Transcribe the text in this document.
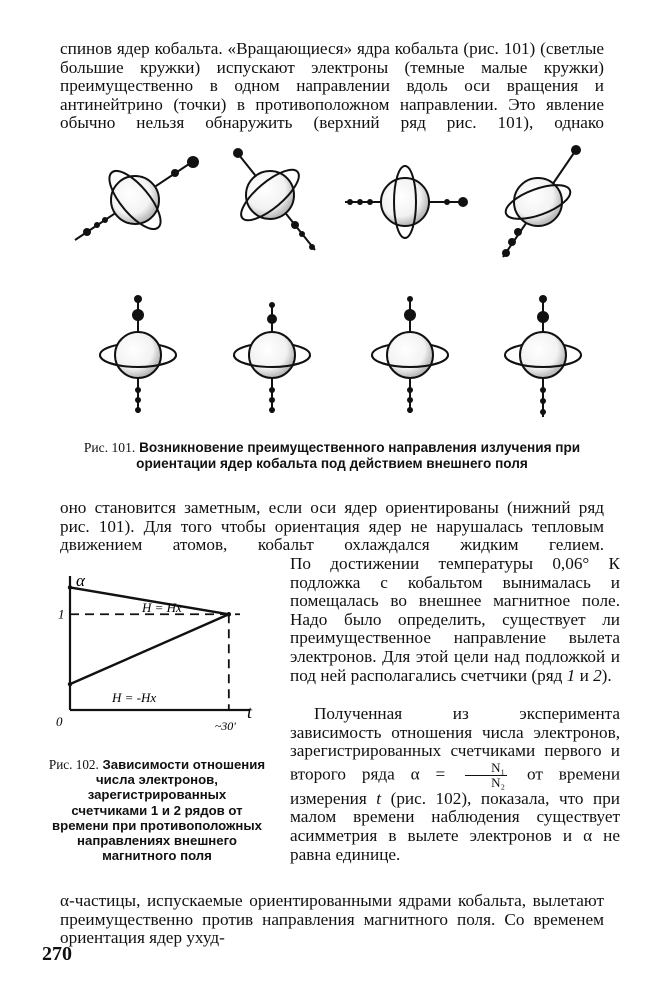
спинов ядер кобальта. «Вращающиеся» ядра кобальта (рис. 101) (светлые большие кружки) испускают электроны (темные малые кружки) преимущественно в одном направлении вдоль оси вращения и антинейтрино (точки) в противоположном направлении. Это явление обычно нельзя обнаружить (верхний ряд рис. 101), однако

Рис. 101. Возникновение преимущественного направления излучения при ориентации ядер кобальта под действием внешнего поля

оно становится заметным, если оси ядер ориентированы (нижний ряд рис. 101). Для того чтобы ориентация ядер не нарушалась тепловым движением атомов, кобальт охлаждался жидким гелием.

α
t
0
1
~30'
H = Hx
H = -Hx
Рис. 102. Зависимости отношения числа электронов, зарегистрированных счетчиками 1 и 2 рядов от времени при противоположных направлениях внешнего магнитного поля

По достижении температуры 0,06° К подложка с кобальтом вынималась и помещалась во внешнее магнитное поле. Надо было определить, существует ли преимущественное направление вылета электронов. Для этой цели над подложкой и под ней располагались счетчики (ряд 1 и 2).

Полученная из эксперимента зависимость отношения числа электронов, зарегистрированных счетчиками первого и второго ряда $\alpha = \frac{\text{N₁}}{\text{N₂}}$ от времени измерения t (рис. 102), показала, что при малом времени наблюдения существует асимметрия в вылете электронов и α не равна единице.

α-частицы, испускаемые ориентированными ядрами кобальта, вылетают преимущественно против направления магнитного поля. Со временем ориентация ядер ухуд-

270
